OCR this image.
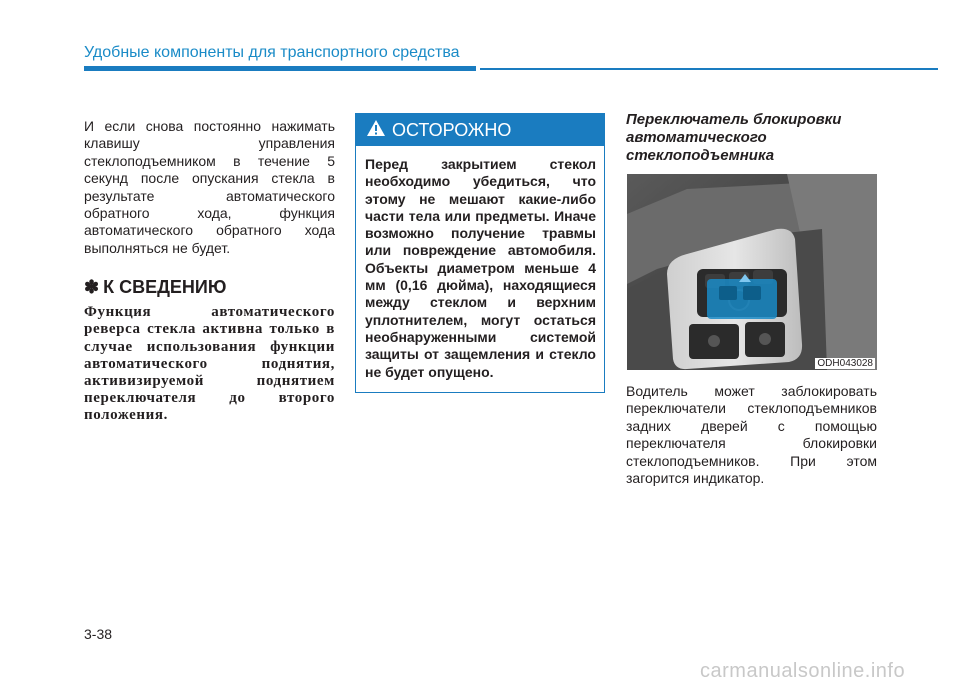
Удобные компоненты для транспортного средства

И если снова постоянно нажимать клавишу управления стеклоподъемником в течение 5 секунд после опускания стекла в результате автоматического обратного хода, функция автоматического обратного хода выполняться не будет.

✽ К СВЕДЕНИЮ

Функция автоматического реверса стекла активна только в случае использования функции автоматического поднятия, активизируемой поднятием переключателя до второго положения.

ОСТОРОЖНО
Перед закрытием стекол необходимо убедиться, что этому не мешают какие-либо части тела или предметы. Иначе возможно получение травмы или повреждение автомобиля. Объекты диаметром меньше 4 мм (0,16 дюйма), находящиеся между стеклом и верхним уплотнителем, могут остаться необнаруженными системой защиты от защемления и стекло не будет опущено.

Переключатель блокировки автоматического стеклоподъемника

ODH043028

Водитель может заблокировать переключатели стеклоподъемников задних дверей с помощью переключателя блокировки стеклоподъемников. При этом загорится индикатор.

3-38
carmanualsonline.info
